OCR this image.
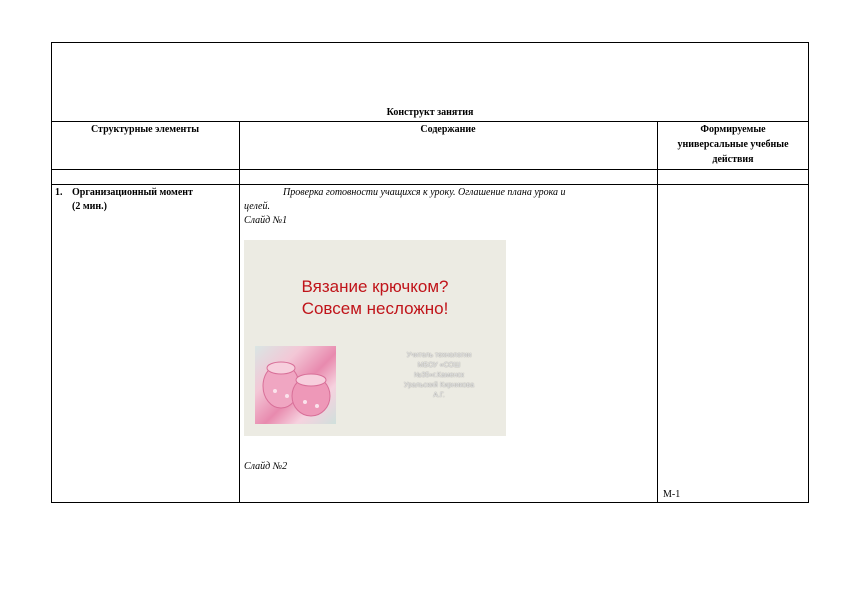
Конструкт занятия
Структурные элементы	Содержание	Формируемые
универсальные учебные
действия
1. Организационный момент
(2 мин.)
Проверка готовности учащихся к уроку. Оглашение плана урока и
целей.
Слайд №1
Вязание крючком?
Совсем несложно!
Учитель технологии
МБОУ «СОШ
№35»г.Каменск
Уральский Кирникова
А.Г.
Слайд №2
М-1
